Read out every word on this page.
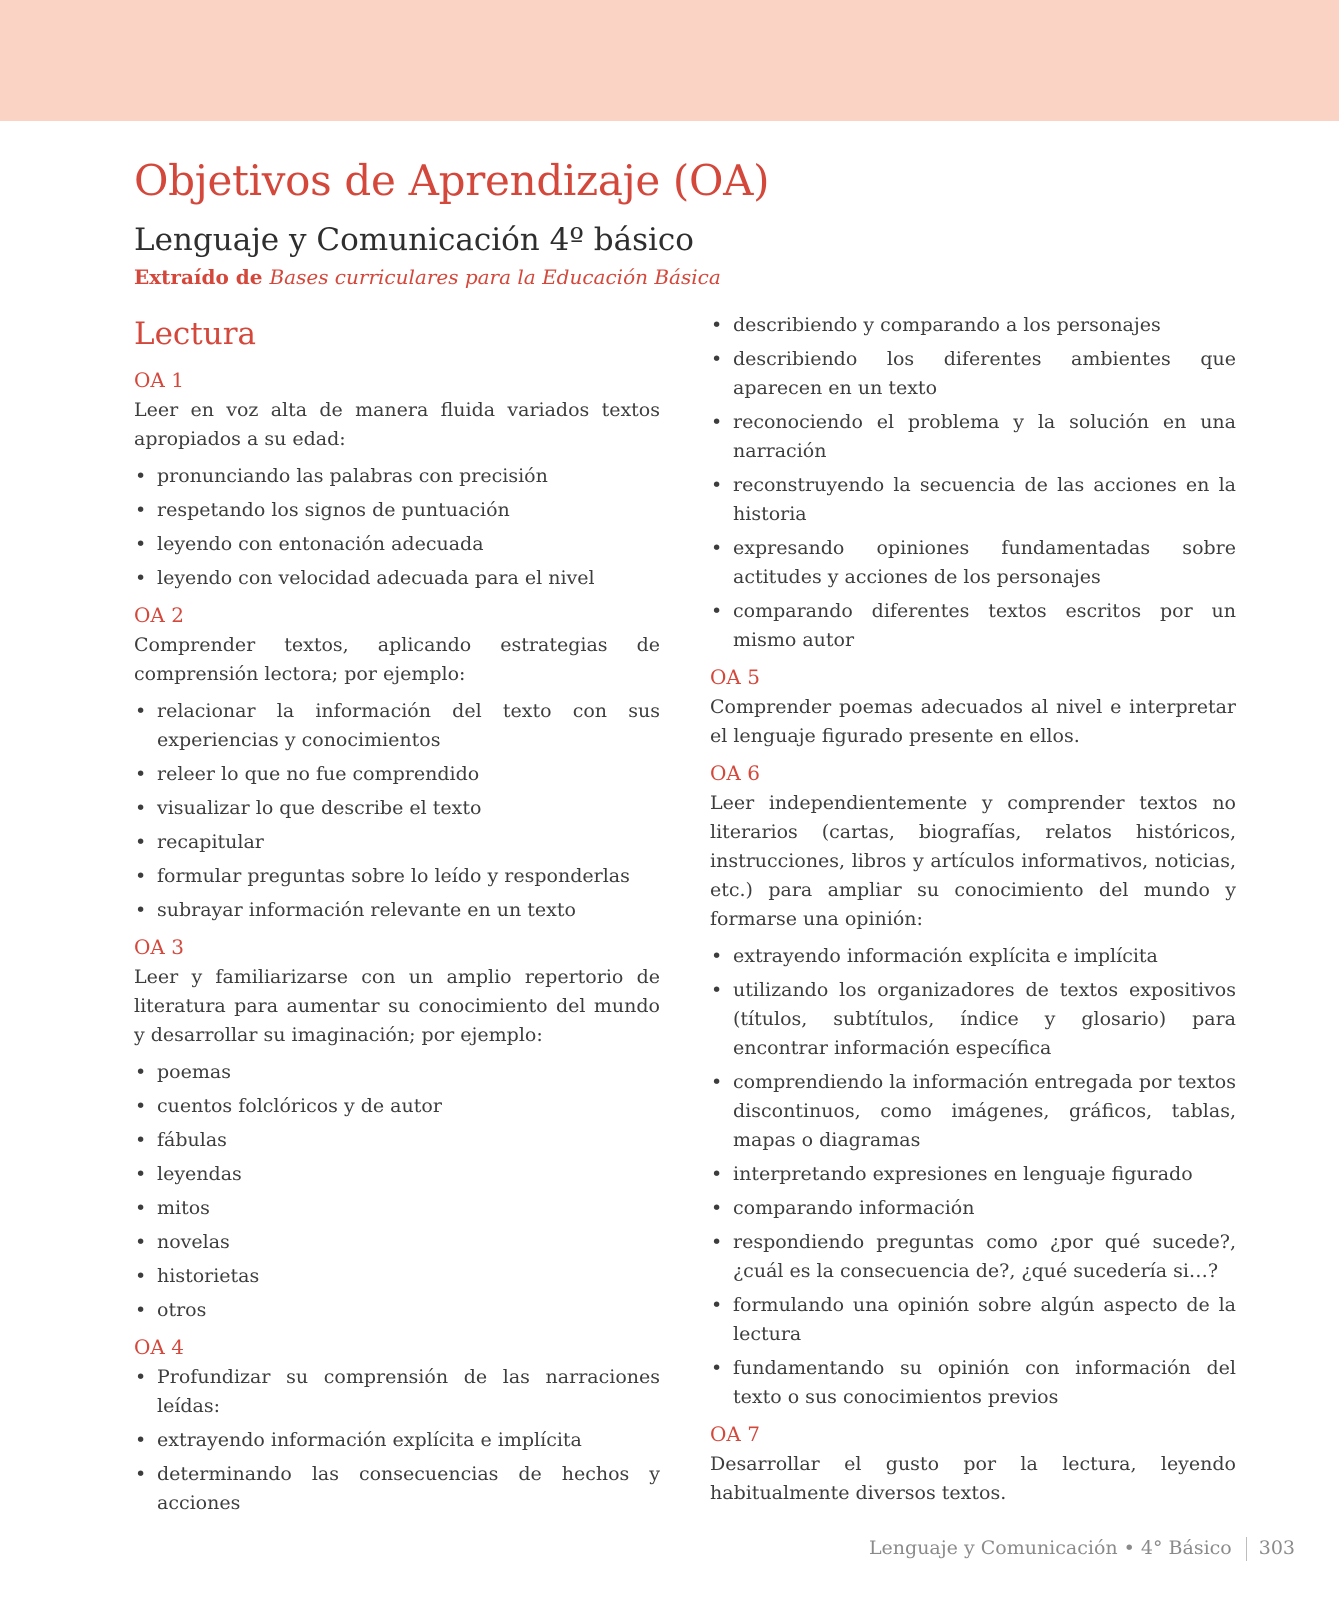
Objetivos de Aprendizaje (OA)
Lenguaje y Comunicación 4º básico

Extraído de Bases curriculares para la Educación Básica

Lectura
OA 1

Leer en voz alta de manera fluida variados textos apropiados a su edad:

• pronunciando las palabras con precisión
• respetando los signos de puntuación
• leyendo con entonación adecuada
• leyendo con velocidad adecuada para el nivel
OA 2

Comprender textos, aplicando estrategias de comprensión lectora; por ejemplo:

• relacionar la información del texto con sus experiencias y conocimientos
• releer lo que no fue comprendido
• visualizar lo que describe el texto
• recapitular
• formular preguntas sobre lo leído y responderlas
• subrayar información relevante en un texto
OA 3

Leer y familiarizarse con un amplio repertorio de literatura para aumentar su conocimiento del mundo y desarrollar su imaginación; por ejemplo:

• poemas
• cuentos folclóricos y de autor
• fábulas
• leyendas
• mitos
• novelas
• historietas
• otros
OA 4
• Profundizar su comprensión de las narraciones leídas:
• extrayendo información explícita e implícita
• determinando las consecuencias de hechos y acciones
• describiendo y comparando a los personajes
• describiendo los diferentes ambientes que aparecen en un texto
• reconociendo el problema y la solución en una narración
• reconstruyendo la secuencia de las acciones en la historia
• expresando opiniones fundamentadas sobre actitudes y acciones de los personajes
• comparando diferentes textos escritos por un mismo autor
OA 5

Comprender poemas adecuados al nivel e interpretar el lenguaje figurado presente en ellos.

OA 6

Leer independientemente y comprender textos no literarios (cartas, biografías, relatos históricos, instrucciones, libros y artículos informativos, noticias, etc.) para ampliar su conocimiento del mundo y formarse una opinión:

• extrayendo información explícita e implícita
• utilizando los organizadores de textos expositivos (títulos, subtítulos, índice y glosario) para encontrar información específica
• comprendiendo la información entregada por textos discontinuos, como imágenes, gráficos, tablas, mapas o diagramas
• interpretando expresiones en lenguaje figurado
• comparando información
• respondiendo preguntas como ¿por qué sucede?, ¿cuál es la consecuencia de?, ¿qué sucedería si…?
• formulando una opinión sobre algún aspecto de la lectura
• fundamentando su opinión con información del texto o sus conocimientos previos
OA 7

Desarrollar el gusto por la lectura, leyendo habitualmente diversos textos.

Lenguaje y Comunicación • 4° Básico 303
